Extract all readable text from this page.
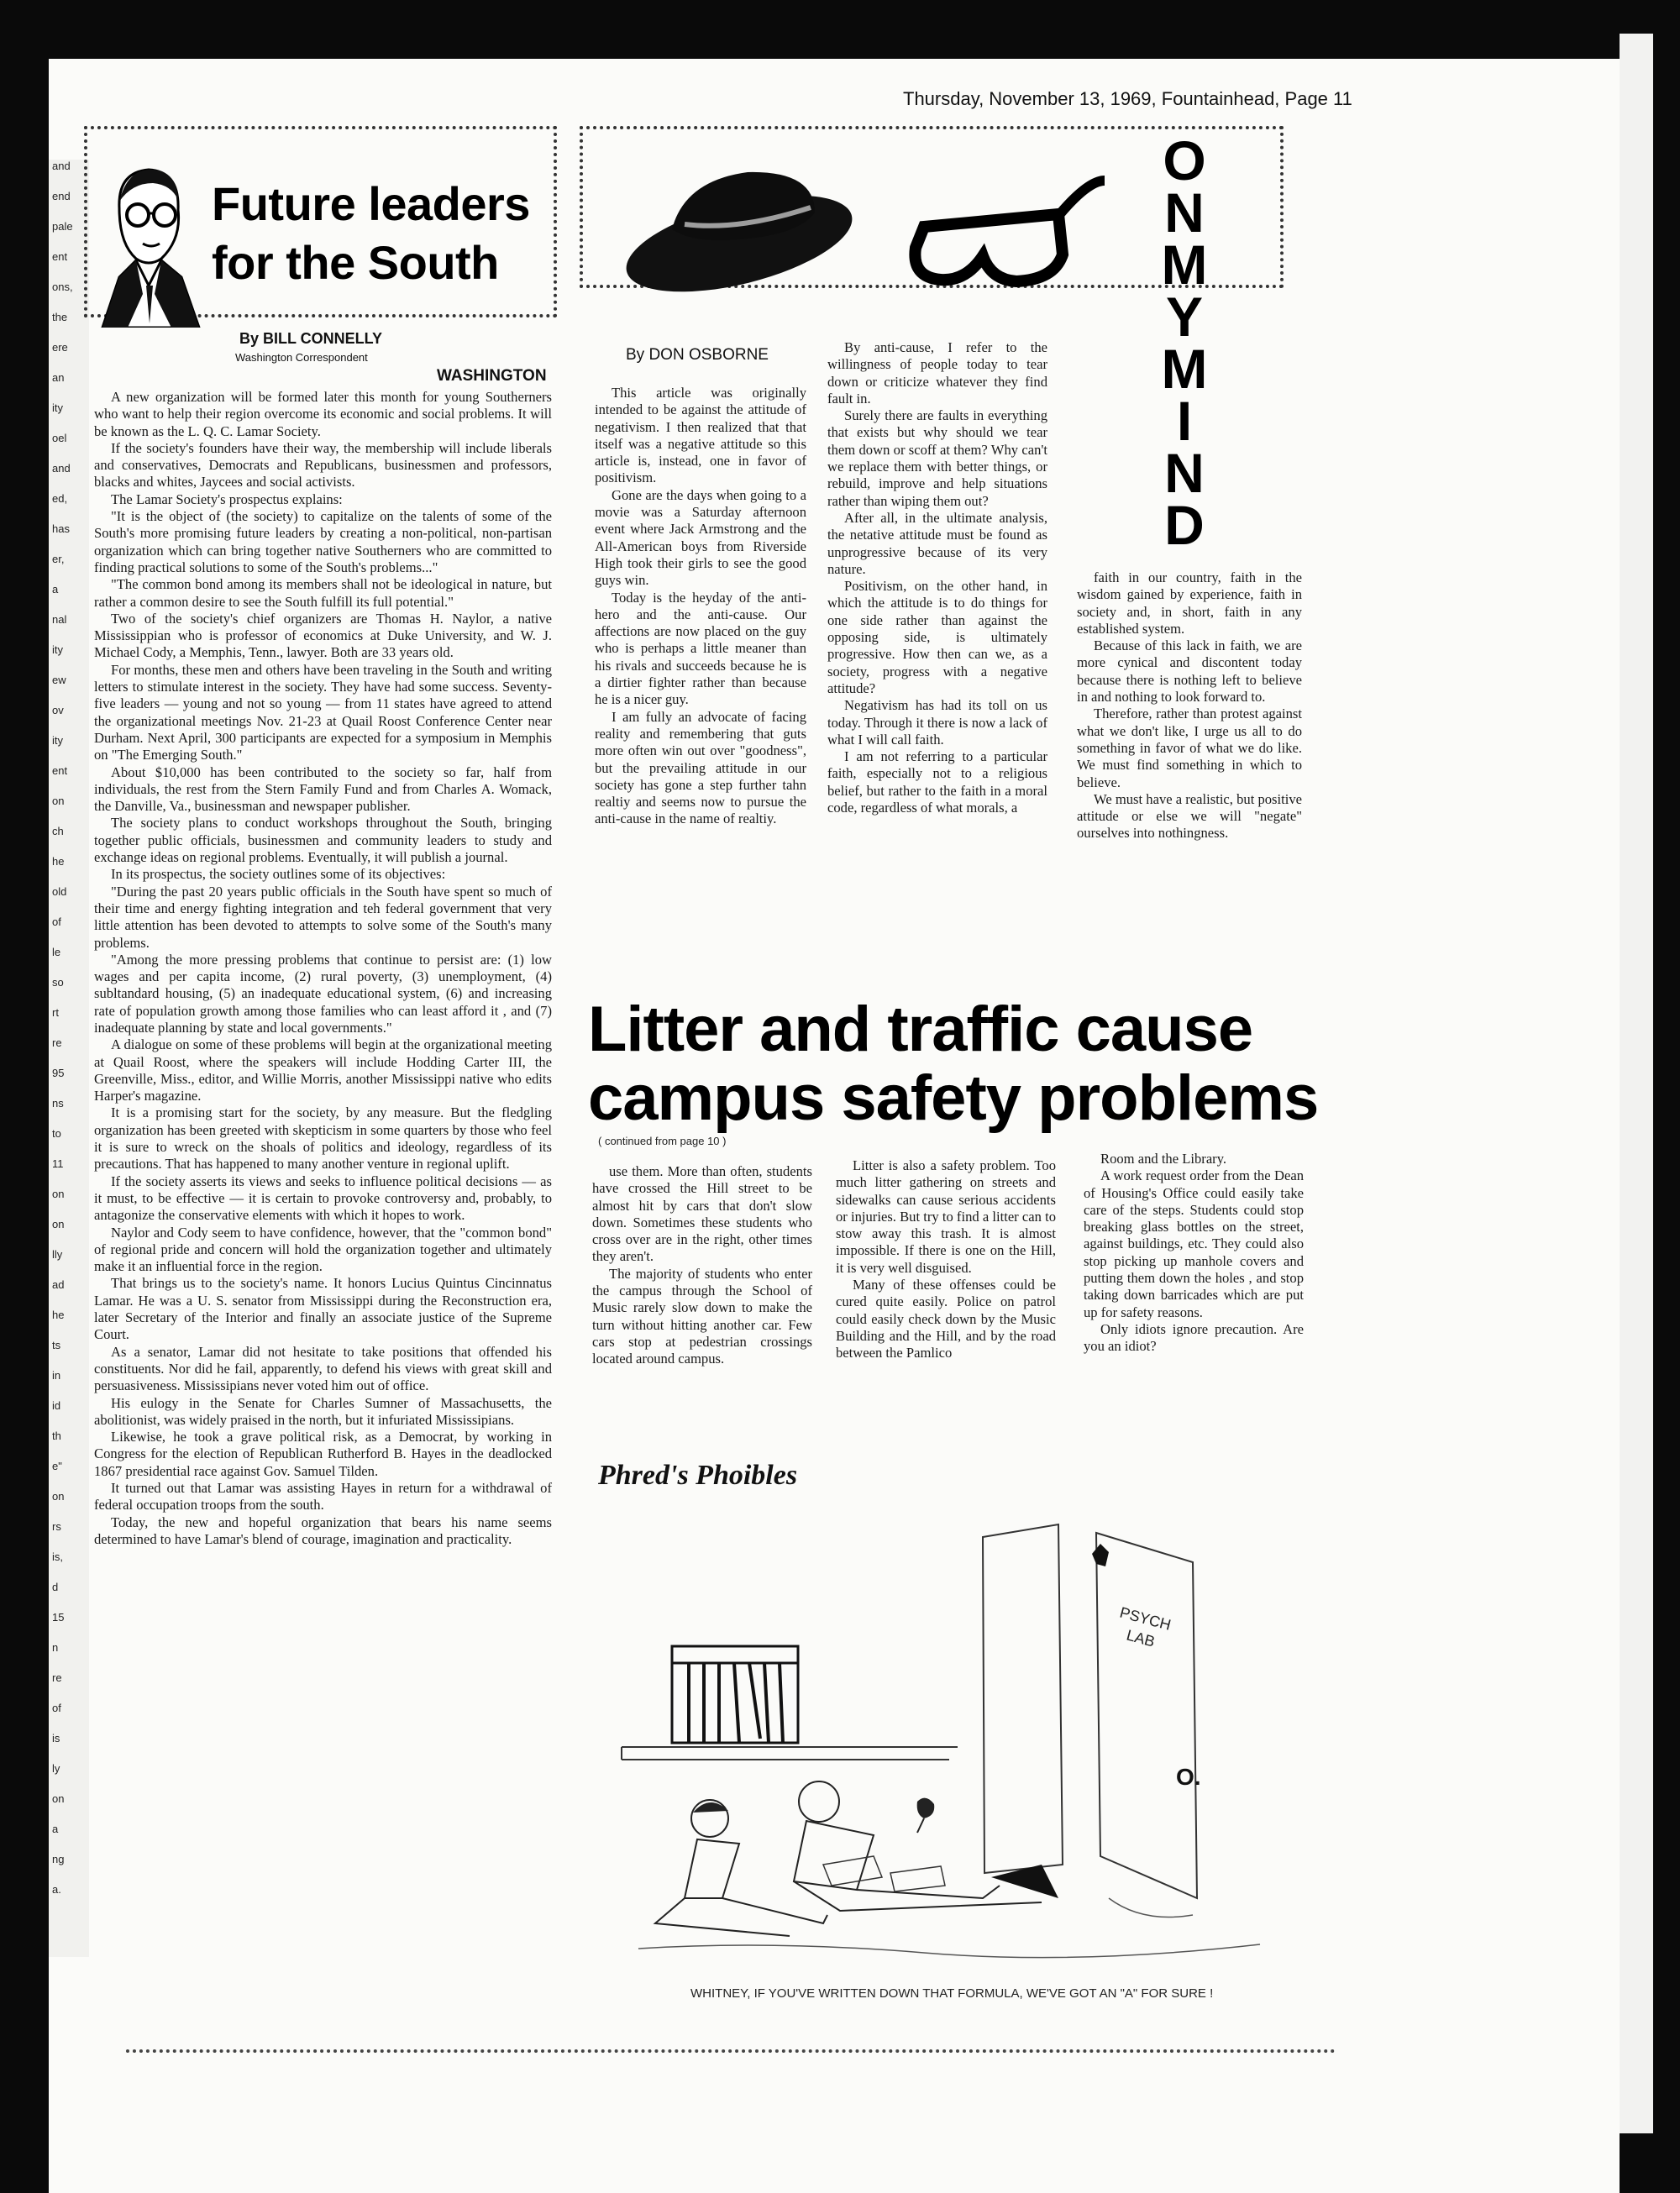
and
end
pale
ent
ons,
the
ere
an
ity
oel
and
ed,
has
er,
a
nal
ity
ew
ov
ity
ent
on
ch
he
old
of
le
so
rt
re
95
ns
to
11
on
on
lly
ad
he
ts
in
id
th
e"
on
rs
is,
d
15
n
re
of
is
ly
on
a
ng
a.
Thursday, November 13, 1969, Fountainhead, Page 11
Future leaders
for the South
By BILL CONNELLY
Washington Correspondent
WASHINGTON

A new organization will be formed later this month for young Southerners who want to help their region overcome its economic and social problems. It will be known as the L. Q. C. Lamar Society.

If the society's founders have their way, the membership will include liberals and conservatives, Democrats and Republicans, businessmen and professors, blacks and whites, Jaycees and social activists.

The Lamar Society's prospectus explains:

"It is the object of (the society) to capitalize on the talents of some of the South's more promising future leaders by creating a non-political, non-partisan organization which can bring together native Southerners who are committed to finding practical solutions to some of the South's problems..."

"The common bond among its members shall not be ideological in nature, but rather a common desire to see the South fulfill its full potential."

Two of the society's chief organizers are Thomas H. Naylor, a native Mississippian who is professor of economics at Duke University, and W. J. Michael Cody, a Memphis, Tenn., lawyer. Both are 33 years old.

For months, these men and others have been traveling in the South and writing letters to stimulate interest in the society. They have had some success. Seventy-five leaders — young and not so young — from 11 states have agreed to attend the organizational meetings Nov. 21-23 at Quail Roost Conference Center near Durham. Next April, 300 participants are expected for a symposium in Memphis on "The Emerging South."

About $10,000 has been contributed to the society so far, half from individuals, the rest from the Stern Family Fund and from Charles A. Womack, the Danville, Va., businessman and newspaper publisher.

The society plans to conduct workshops throughout the South, bringing together public officials, businessmen and community leaders to study and exchange ideas on regional problems. Eventually, it will publish a journal.

In its prospectus, the society outlines some of its objectives:

"During the past 20 years public officials in the South have spent so much of their time and energy fighting integration and teh federal government that very little attention has been devoted to attempts to solve some of the South's many problems.

"Among the more pressing problems that continue to persist are: (1) low wages and per capita income, (2) rural poverty, (3) unemployment, (4) subltandard housing, (5) an inadequate educational system, (6) and increasing rate of population growth among those families who can least afford it , and (7) inadequate planning by state and local governments."

A dialogue on some of these problems will begin at the organizational meeting at Quail Roost, where the speakers will include Hodding Carter III, the Greenville, Miss., editor, and Willie Morris, another Mississippi native who edits Harper's magazine.

It is a promising start for the society, by any measure. But the fledgling organization has been greeted with skepticism in some quarters by those who feel it is sure to wreck on the shoals of politics and ideology, regardless of its precautions. That has happened to many another venture in regional uplift.

If the society asserts its views and seeks to influence political decisions — as it must, to be effective — it is certain to provoke controversy and, probably, to antagonize the conservative elements with which it hopes to work.

Naylor and Cody seem to have confidence, however, that the "common bond" of regional pride and concern will hold the organization together and ultimately make it an influential force in the region.

That brings us to the society's name. It honors Lucius Quintus Cincinnatus Lamar. He was a U. S. senator from Mississippi during the Reconstruction era, later Secretary of the Interior and finally an associate justice of the Supreme Court.

As a senator, Lamar did not hesitate to take positions that offended his constituents. Nor did he fail, apparently, to defend his views with great skill and persuasiveness. Mississipians never voted him out of office.

His eulogy in the Senate for Charles Sumner of Massachusetts, the abolitionist, was widely praised in the north, but it infuriated Mississipians.

Likewise, he took a grave political risk, as a Democrat, by working in Congress for the election of Republican Rutherford B. Hayes in the deadlocked 1867 presidential race against Gov. Samuel Tilden.

It turned out that Lamar was assisting Hayes in return for a withdrawal of federal occupation troops from the south.

Today, the new and hopeful organization that bears his name seems determined to have Lamar's blend of courage, imagination and practicality.

O
N
M
Y
M
I
N
D
By DON OSBORNE

This article was originally intended to be against the attitude of negativism. I then realized that that itself was a negative attitude so this article is, instead, one in favor of positivism.

Gone are the days when going to a movie was a Saturday afternoon event where Jack Armstrong and the All-American boys from Riverside High took their girls to see the good guys win.

Today is the heyday of the anti-hero and the anti-cause. Our affections are now placed on the guy who is perhaps a little meaner than his rivals and succeeds because he is a dirtier fighter rather than because he is a nicer guy.

I am fully an advocate of facing reality and remembering that guts more often win out over "goodness", but the prevailing attitude in our society has gone a step further tahn realtiy and seems now to pursue the anti-cause in the name of realtiy.

By anti-cause, I refer to the willingness of people today to tear down or criticize whatever they find fault in.

Surely there are faults in everything that exists but why should we tear them down or scoff at them? Why can't we replace them with better things, or rebuild, improve and help situations rather than wiping them out?

After all, in the ultimate analysis, the netative attitude must be found as unprogressive because of its very nature.

Positivism, on the other hand, in which the attitude is to do things for one side rather than against the opposing side, is ultimately progressive. How then can we, as a society, progress with a negative attitude?

Negativism has had its toll on us today. Through it there is now a lack of what I will call faith.

I am not referring to a particular faith, especially not to a religious belief, but rather to the faith in a moral code, regardless of what morals, a

faith in our country, faith in the wisdom gained by experience, faith in society and, in short, faith in any established system.

Because of this lack in faith, we are more cynical and discontent today because there is nothing left to believe in and nothing to look forward to.

Therefore, rather than protest against what we don't like, I urge us all to do something in favor of what we do like. We must find something in which to believe.

We must have a realistic, but positive attitude or else we will "negate" ourselves into nothingness.

Litter and traffic cause
campus safety problems
( continued from page 10 )

use them. More than often, students have crossed the Hill street to be almost hit by cars that don't slow down. Sometimes these students who cross over are in the right, other times they aren't.

The majority of students who enter the campus through the School of Music rarely slow down to make the turn without hitting another car. Few cars stop at pedestrian crossings located around campus.

Litter is also a safety problem. Too much litter gathering on streets and sidewalks can cause serious accidents or injuries. But try to find a litter can to stow away this trash. It is almost impossible. If there is one on the Hill, it is very well disguised.

Many of these offenses could be cured quite easily. Police on patrol could easily check down by the Music Building and the Hill, and by the road between the Pamlico

Room and the Library.

A work request order from the Dean of Housing's Office could easily take care of the steps. Students could stop breaking glass bottles on the street, against buildings, etc. They could also stop picking up manhole covers and putting them down the holes , and stop taking down barricades which are put up for safety reasons.

Only idiots ignore precaution. Are you an idiot?

Phred's Phoibles
PSYCH
LAB
O.
WHITNEY, IF YOU'VE WRITTEN DOWN THAT FORMULA, WE'VE GOT AN "A" FOR SURE !
